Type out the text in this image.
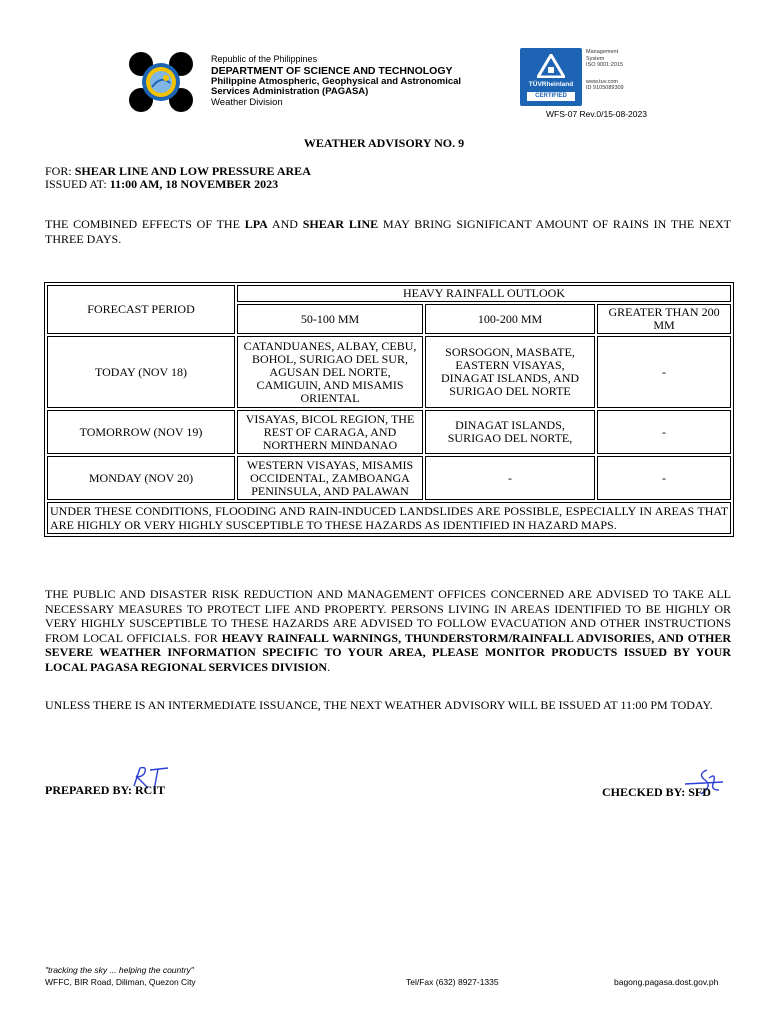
Republic of the Philippines
DEPARTMENT OF SCIENCE AND TECHNOLOGY
Philippine Atmospheric, Geophysical and Astronomical
Services Administration (PAGASA)
Weather Division
TÜVRheinland
CERTIFIED
Management
System
ISO 9001:2015
www.tuv.com
ID 9105089309
WFS-07 Rev.0/15-08-2023
WEATHER ADVISORY NO. 9
FOR: SHEAR LINE AND LOW PRESSURE AREA
ISSUED AT: 11:00 AM, 18 NOVEMBER 2023
THE COMBINED EFFECTS OF THE LPA AND SHEAR LINE MAY BRING SIGNIFICANT AMOUNT OF RAINS IN THE NEXT THREE DAYS.
FORECAST PERIOD	HEAVY RAINFALL OUTLOOK		
	50-100 MM	100-200 MM	GREATER THAN 200 MM
TODAY (NOV 18)	CATANDUANES, ALBAY, CEBU, BOHOL, SURIGAO DEL SUR, AGUSAN DEL NORTE, CAMIGUIN, AND MISAMIS ORIENTAL	SORSOGON, MASBATE, EASTERN VISAYAS, DINAGAT ISLANDS, AND SURIGAO DEL NORTE	-
TOMORROW (NOV 19)	VISAYAS, BICOL REGION, THE REST OF CARAGA, AND NORTHERN MINDANAO	DINAGAT ISLANDS, SURIGAO DEL NORTE,	-
MONDAY (NOV 20)	WESTERN VISAYAS, MISAMIS OCCIDENTAL, ZAMBOANGA PENINSULA, AND PALAWAN	-	-
UNDER THESE CONDITIONS, FLOODING AND RAIN-INDUCED LANDSLIDES ARE POSSIBLE, ESPECIALLY IN AREAS THAT ARE HIGHLY OR VERY HIGHLY SUSCEPTIBLE TO THESE HAZARDS AS IDENTIFIED IN HAZARD MAPS.			
THE PUBLIC AND DISASTER RISK REDUCTION AND MANAGEMENT OFFICES CONCERNED ARE ADVISED TO TAKE ALL NECESSARY MEASURES TO PROTECT LIFE AND PROPERTY. PERSONS LIVING IN AREAS IDENTIFIED TO BE HIGHLY OR VERY HIGHLY SUSCEPTIBLE TO THESE HAZARDS ARE ADVISED TO FOLLOW EVACUATION AND OTHER INSTRUCTIONS FROM LOCAL OFFICIALS. FOR HEAVY RAINFALL WARNINGS, THUNDERSTORM/RAINFALL ADVISORIES, AND OTHER SEVERE WEATHER INFORMATION SPECIFIC TO YOUR AREA, PLEASE MONITOR PRODUCTS ISSUED BY YOUR LOCAL PAGASA REGIONAL SERVICES DIVISION.
UNLESS THERE IS AN INTERMEDIATE ISSUANCE, THE NEXT WEATHER ADVISORY WILL BE ISSUED AT 11:00 PM TODAY.
PREPARED BY: RCIT	CHECKED BY: SFD
"tracking the sky ... helping the country"
WFFC, BIR Road, Diliman, Quezon City	Tel/Fax (632) 8927-1335	bagong.pagasa.dost.gov.ph
